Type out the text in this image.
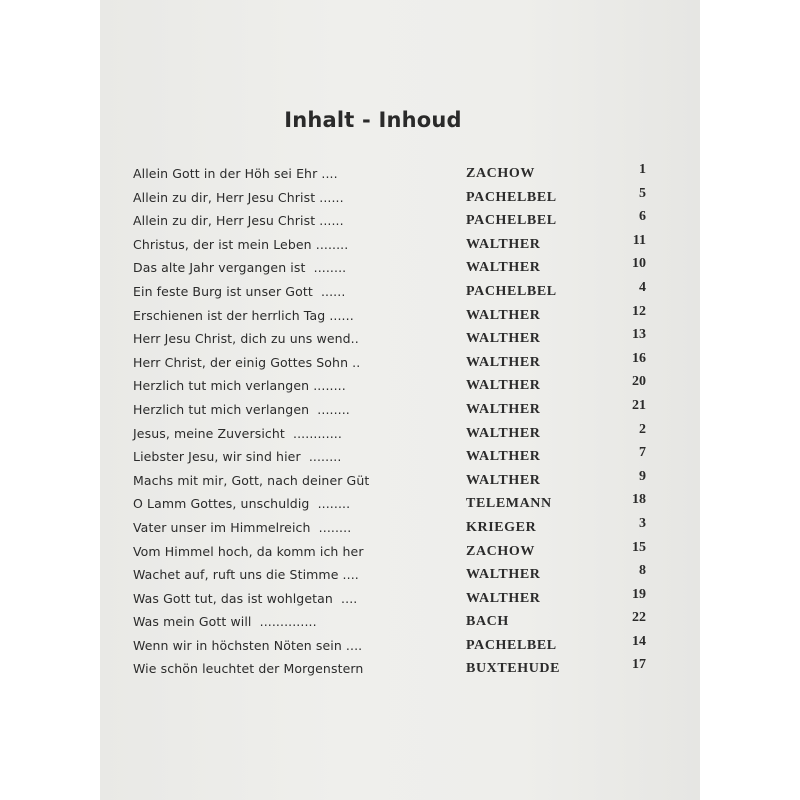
Inhalt - Inhoud
Allein Gott in der Höh sei Ehr ....	ZACHOW	1
Allein zu dir, Herr Jesu Christ ......	PACHELBEL	5
Allein zu dir, Herr Jesu Christ ......	PACHELBEL	6
Christus, der ist mein Leben ........	WALTHER	11
Das alte Jahr vergangen ist  ........	WALTHER	10
Ein feste Burg ist unser Gott  ......	PACHELBEL	4
Erschienen ist der herrlich Tag ......	WALTHER	12
Herr Jesu Christ, dich zu uns wend..	WALTHER	13
Herr Christ, der einig Gottes Sohn ..	WALTHER	16
Herzlich tut mich verlangen ........	WALTHER	20
Herzlich tut mich verlangen  ........	WALTHER	21
Jesus, meine Zuversicht  ............	WALTHER	2
Liebster Jesu, wir sind hier  ........	WALTHER	7
Machs mit mir, Gott, nach deiner Güt	WALTHER	9
O Lamm Gottes, unschuldig  ........	TELEMANN	18
Vater unser im Himmelreich  ........	KRIEGER	3
Vom Himmel hoch, da komm ich her	ZACHOW	15
Wachet auf, ruft uns die Stimme ....	WALTHER	8
Was Gott tut, das ist wohlgetan  ....	WALTHER	19
Was mein Gott will  ..............	BACH	22
Wenn wir in höchsten Nöten sein ....	PACHELBEL	14
Wie schön leuchtet der Morgenstern	BUXTEHUDE	17
